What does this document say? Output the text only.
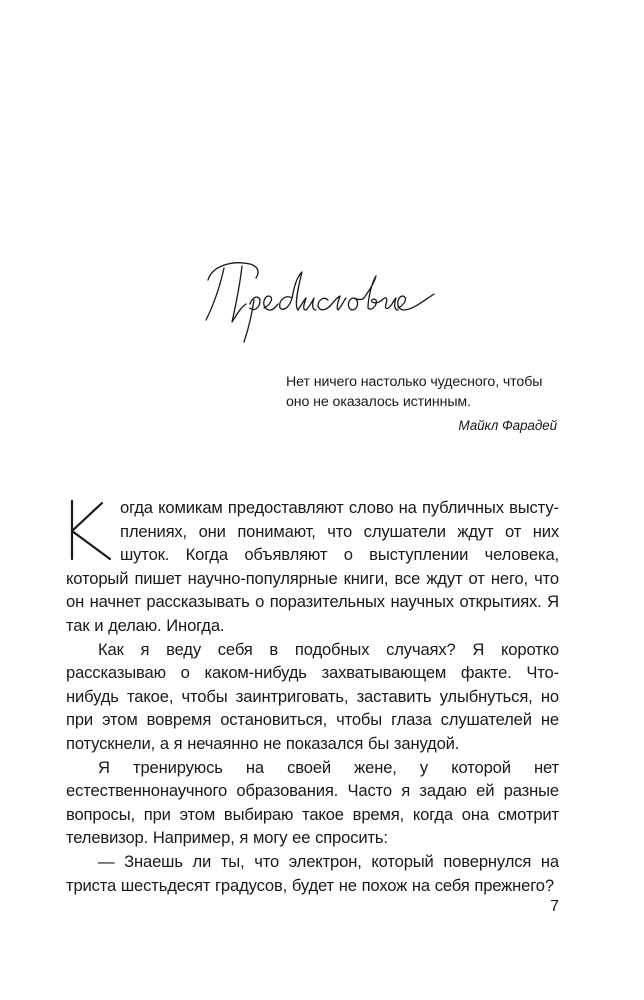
Нет ничего настолько чудесного, чтобы оно не оказалось истинным.
Майкл Фарадей

огда комикам предоставляют слово на публичных выступлениях, они понимают, что слушатели ждут от них шуток. Когда объявляют о выступлении человека, который пишет научно-популярные книги, все ждут от него, что он начнет рассказывать о поразительных научных открытиях. Я так и делаю. Иногда.

Как я веду себя в подобных случаях? Я коротко рассказываю о каком-нибудь захватывающем факте. Что-нибудь такое, чтобы заинтриговать, заставить улыбнуться, но при этом вовремя остановиться, чтобы глаза слушателей не потускнели, а я нечаянно не показался бы занудой.

Я тренируюсь на своей жене, у которой нет естественнонаучного образования. Часто я задаю ей разные вопросы, при этом выбираю такое время, когда она смотрит телевизор. Например, я могу ее спросить:

— Знаешь ли ты, что электрон, который повернулся на триста шестьдесят градусов, будет не похож на себя прежнего?

7
